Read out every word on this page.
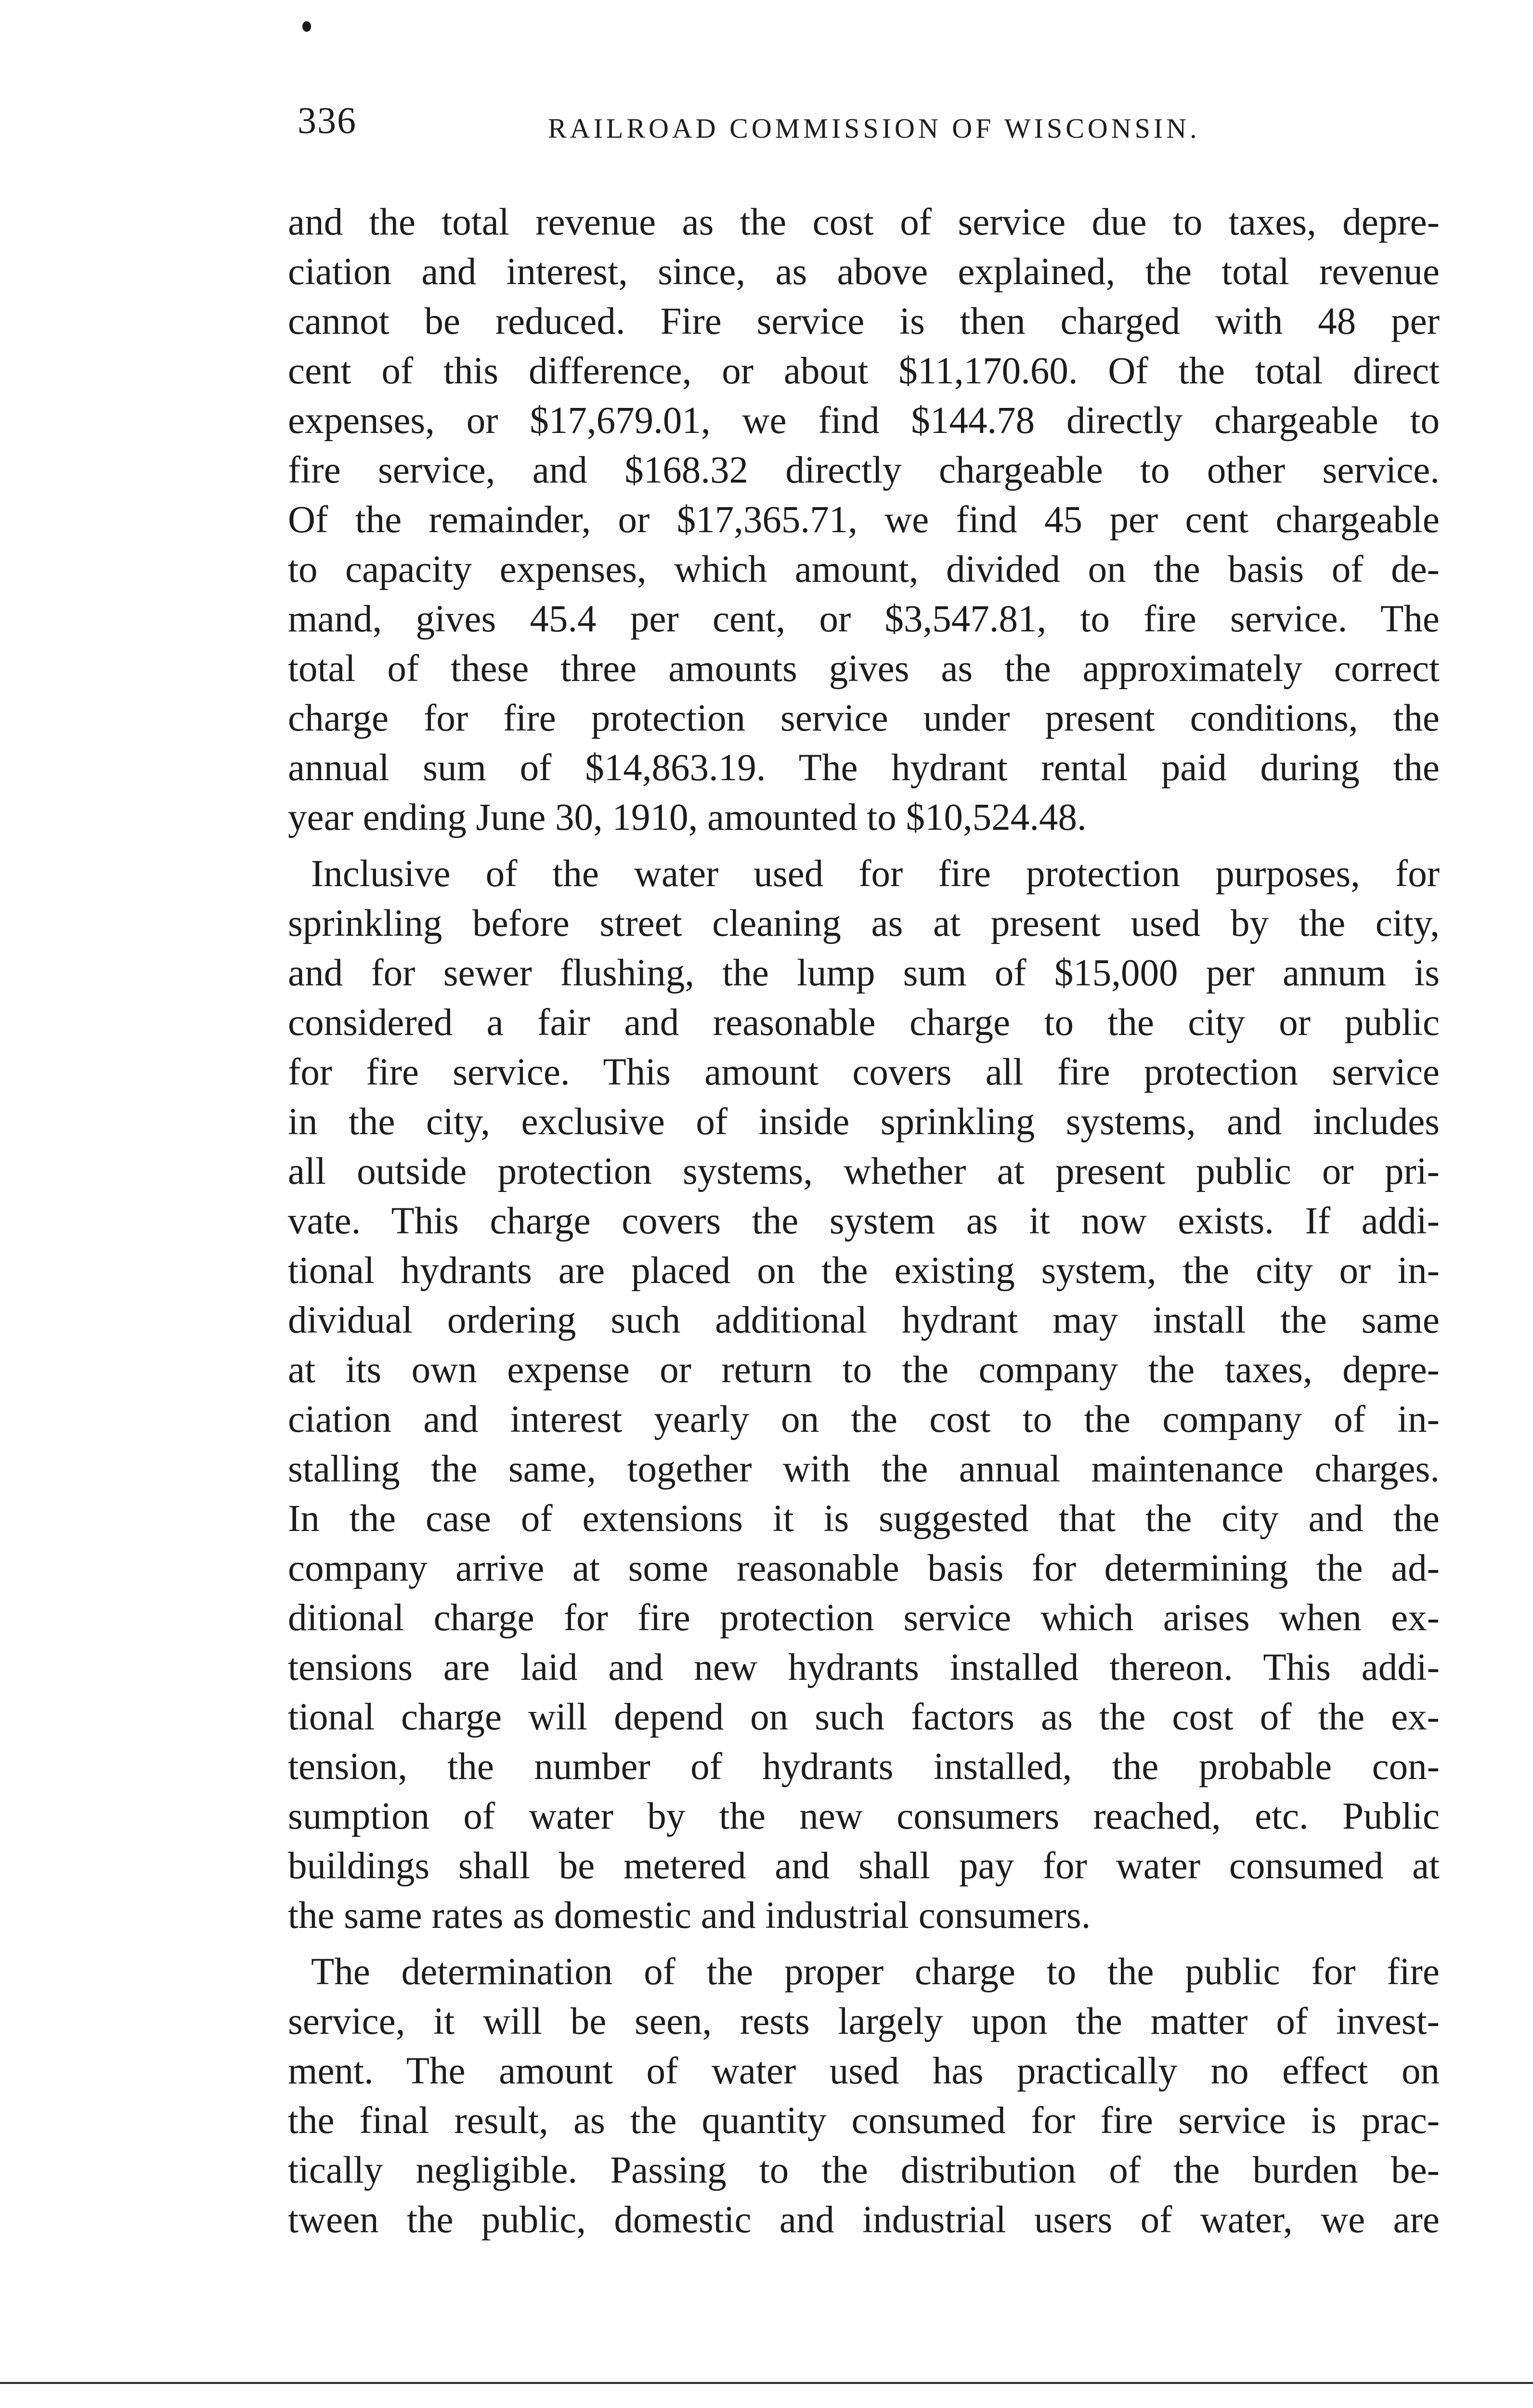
336	RAILROAD COMMISSION OF WISCONSIN.
and the total revenue as the cost of service due to taxes, depre-
ciation and interest, since, as above explained, the total revenue
cannot be reduced. Fire service is then charged with 48 per
cent of this difference, or about $11,170.60. Of the total direct
expenses, or $17,679.01, we find $144.78 directly chargeable to
fire service, and $168.32 directly chargeable to other service.
Of the remainder, or $17,365.71, we find 45 per cent chargeable
to capacity expenses, which amount, divided on the basis of de-
mand, gives 45.4 per cent, or $3,547.81, to fire service. The
total of these three amounts gives as the approximately correct
charge for fire protection service under present conditions, the
annual sum of $14,863.19. The hydrant rental paid during the
year ending June 30, 1910, amounted to $10,524.48.
Inclusive of the water used for fire protection purposes, for
sprinkling before street cleaning as at present used by the city,
and for sewer flushing, the lump sum of $15,000 per annum is
considered a fair and reasonable charge to the city or public
for fire service. This amount covers all fire protection service
in the city, exclusive of inside sprinkling systems, and includes
all outside protection systems, whether at present public or pri-
vate. This charge covers the system as it now exists. If addi-
tional hydrants are placed on the existing system, the city or in-
dividual ordering such additional hydrant may install the same
at its own expense or return to the company the taxes, depre-
ciation and interest yearly on the cost to the company of in-
stalling the same, together with the annual maintenance charges.
In the case of extensions it is suggested that the city and the
company arrive at some reasonable basis for determining the ad-
ditional charge for fire protection service which arises when ex-
tensions are laid and new hydrants installed thereon. This addi-
tional charge will depend on such factors as the cost of the ex-
tension, the number of hydrants installed, the probable con-
sumption of water by the new consumers reached, etc. Public
buildings shall be metered and shall pay for water consumed at
the same rates as domestic and industrial consumers.
The determination of the proper charge to the public for fire
service, it will be seen, rests largely upon the matter of invest-
ment. The amount of water used has practically no effect on
the final result, as the quantity consumed for fire service is prac-
tically negligible. Passing to the distribution of the burden be-
tween the public, domestic and industrial users of water, we are
